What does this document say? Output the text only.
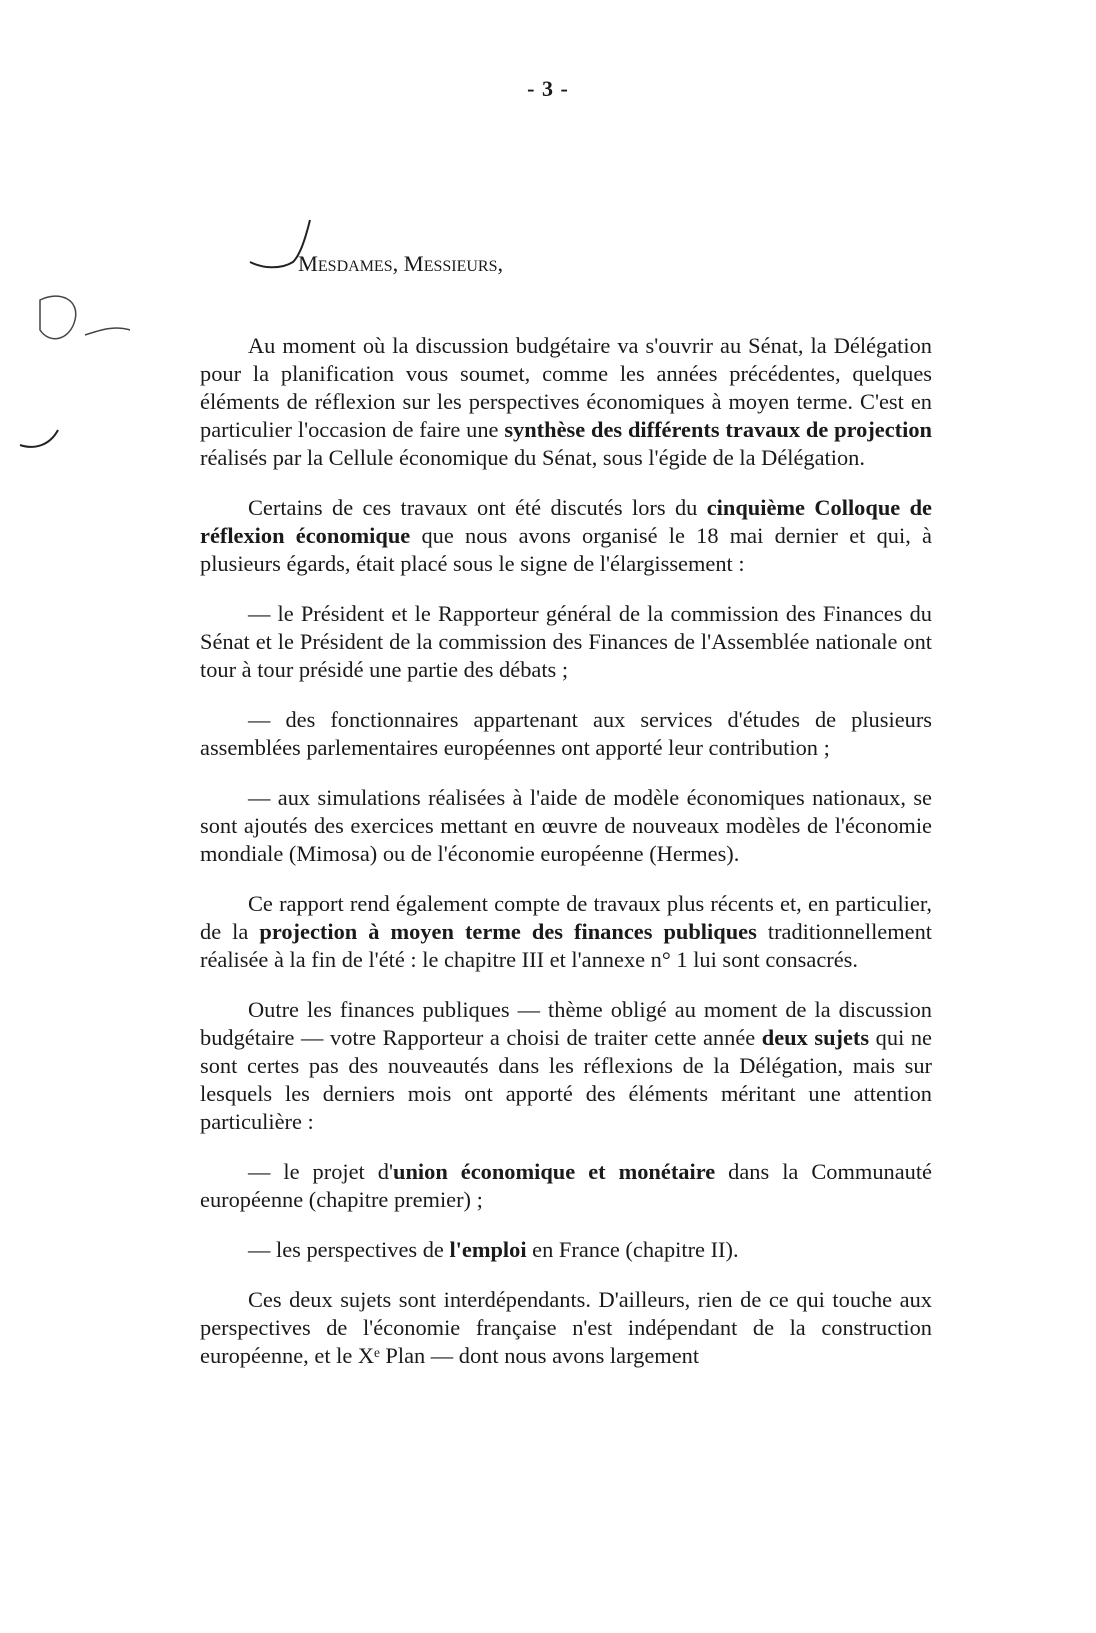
- 3 -
Mesdames, Messieurs,

Au moment où la discussion budgétaire va s'ouvrir au Sénat, la Délégation pour la planification vous soumet, comme les années précédentes, quelques éléments de réflexion sur les perspectives économiques à moyen terme. C'est en particulier l'occasion de faire une synthèse des différents travaux de projection réalisés par la Cellule économique du Sénat, sous l'égide de la Délégation.

Certains de ces travaux ont été discutés lors du cinquième Colloque de réflexion économique que nous avons organisé le 18 mai dernier et qui, à plusieurs égards, était placé sous le signe de l'élargissement :

— le Président et le Rapporteur général de la commission des Finances du Sénat et le Président de la commission des Finances de l'Assemblée nationale ont tour à tour présidé une partie des débats ;

— des fonctionnaires appartenant aux services d'études de plusieurs assemblées parlementaires européennes ont apporté leur contribution ;

— aux simulations réalisées à l'aide de modèle économiques nationaux, se sont ajoutés des exercices mettant en œuvre de nouveaux modèles de l'économie mondiale (Mimosa) ou de l'économie européenne (Hermes).

Ce rapport rend également compte de travaux plus récents et, en particulier, de la projection à moyen terme des finances publiques traditionnellement réalisée à la fin de l'été : le chapitre III et l'annexe n° 1 lui sont consacrés.

Outre les finances publiques — thème obligé au moment de la discussion budgétaire — votre Rapporteur a choisi de traiter cette année deux sujets qui ne sont certes pas des nouveautés dans les réflexions de la Délégation, mais sur lesquels les derniers mois ont apporté des éléments méritant une attention particulière :

— le projet d'union économique et monétaire dans la Communauté européenne (chapitre premier) ;

— les perspectives de l'emploi en France (chapitre II).

Ces deux sujets sont interdépendants. D'ailleurs, rien de ce qui touche aux perspectives de l'économie française n'est indépendant de la construction européenne, et le Xᵉ Plan — dont nous avons largement
